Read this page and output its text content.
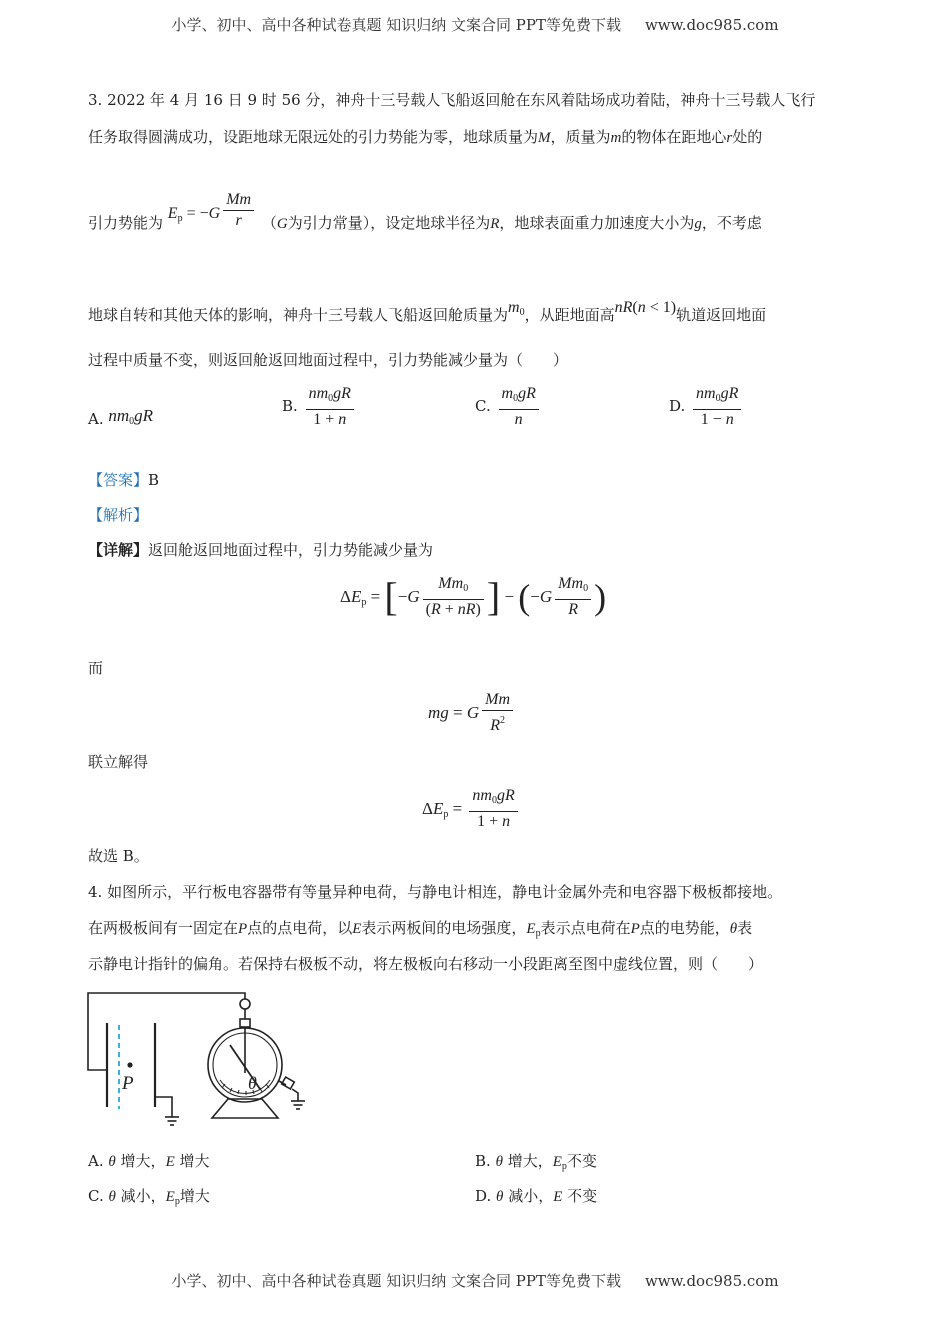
小学、初中、高中各种试卷真题 知识归纳 文案合同 PPT等免费下载 www.doc985.com
3. 2022 年 4 月 16 日 9 时 56 分，神舟十三号载人飞船返回舱在东风着陆场成功着陆，神舟十三号载人飞行
任务取得圆满成功，设距地球无限远处的引力势能为零，地球质量为M，质量为m的物体在距地心r处的
引力势能为 $E_p = -G \frac{Mm}{r} (G$为引力常量），设定地球半径为R，地球表面重力加速度大小为g，不考虑
地球自转和其他天体的影响，神舟十三号载人飞船返回舱质量为$m_0$，从距地面高nR(n < 1)轨道返回地面
过程中质量不变，则返回舱返回地面过程中，引力势能减少量为（　　）
A. $nm_0gR$	B. $\frac{nm_0gR}{1 + n}$	C. $\frac{m_0gR}{n}$	D. $\frac{nm_0gR}{1 - n}$
【答案】B
【解析】
【详解】返回舱返回地面过程中，引力势能减少量为
$\Delta E_p = [-G \frac{Mm_0}{(R + nR)}$ ] − ($-G \frac{Mm_0}{R}$ )
而
mg = G $\frac{Mm}{R^2}$
联立解得
$\Delta E_p = \frac{nm_0gR}{1 + n}$
故选 B。
4. 如图所示，平行板电容器带有等量异种电荷，与静电计相连，静电计金属外壳和电容器下极板都接地。
在两极板间有一固定在P点的点电荷，以E表示两板间的电场强度，$E_p$表示点电荷在P点的电势能，θ表
示静电计指针的偏角。若保持右极板不动，将左极板向右移动一小段距离至图中虚线位置，则（　　）
P	θ
A. θ 增大，E 增大	B. θ 增大，$E_p$不变
C. θ 减小，$E_p$增大	D. θ 减小，E 不变
小学、初中、高中各种试卷真题 知识归纳 文案合同 PPT等免费下载 www.doc985.com
